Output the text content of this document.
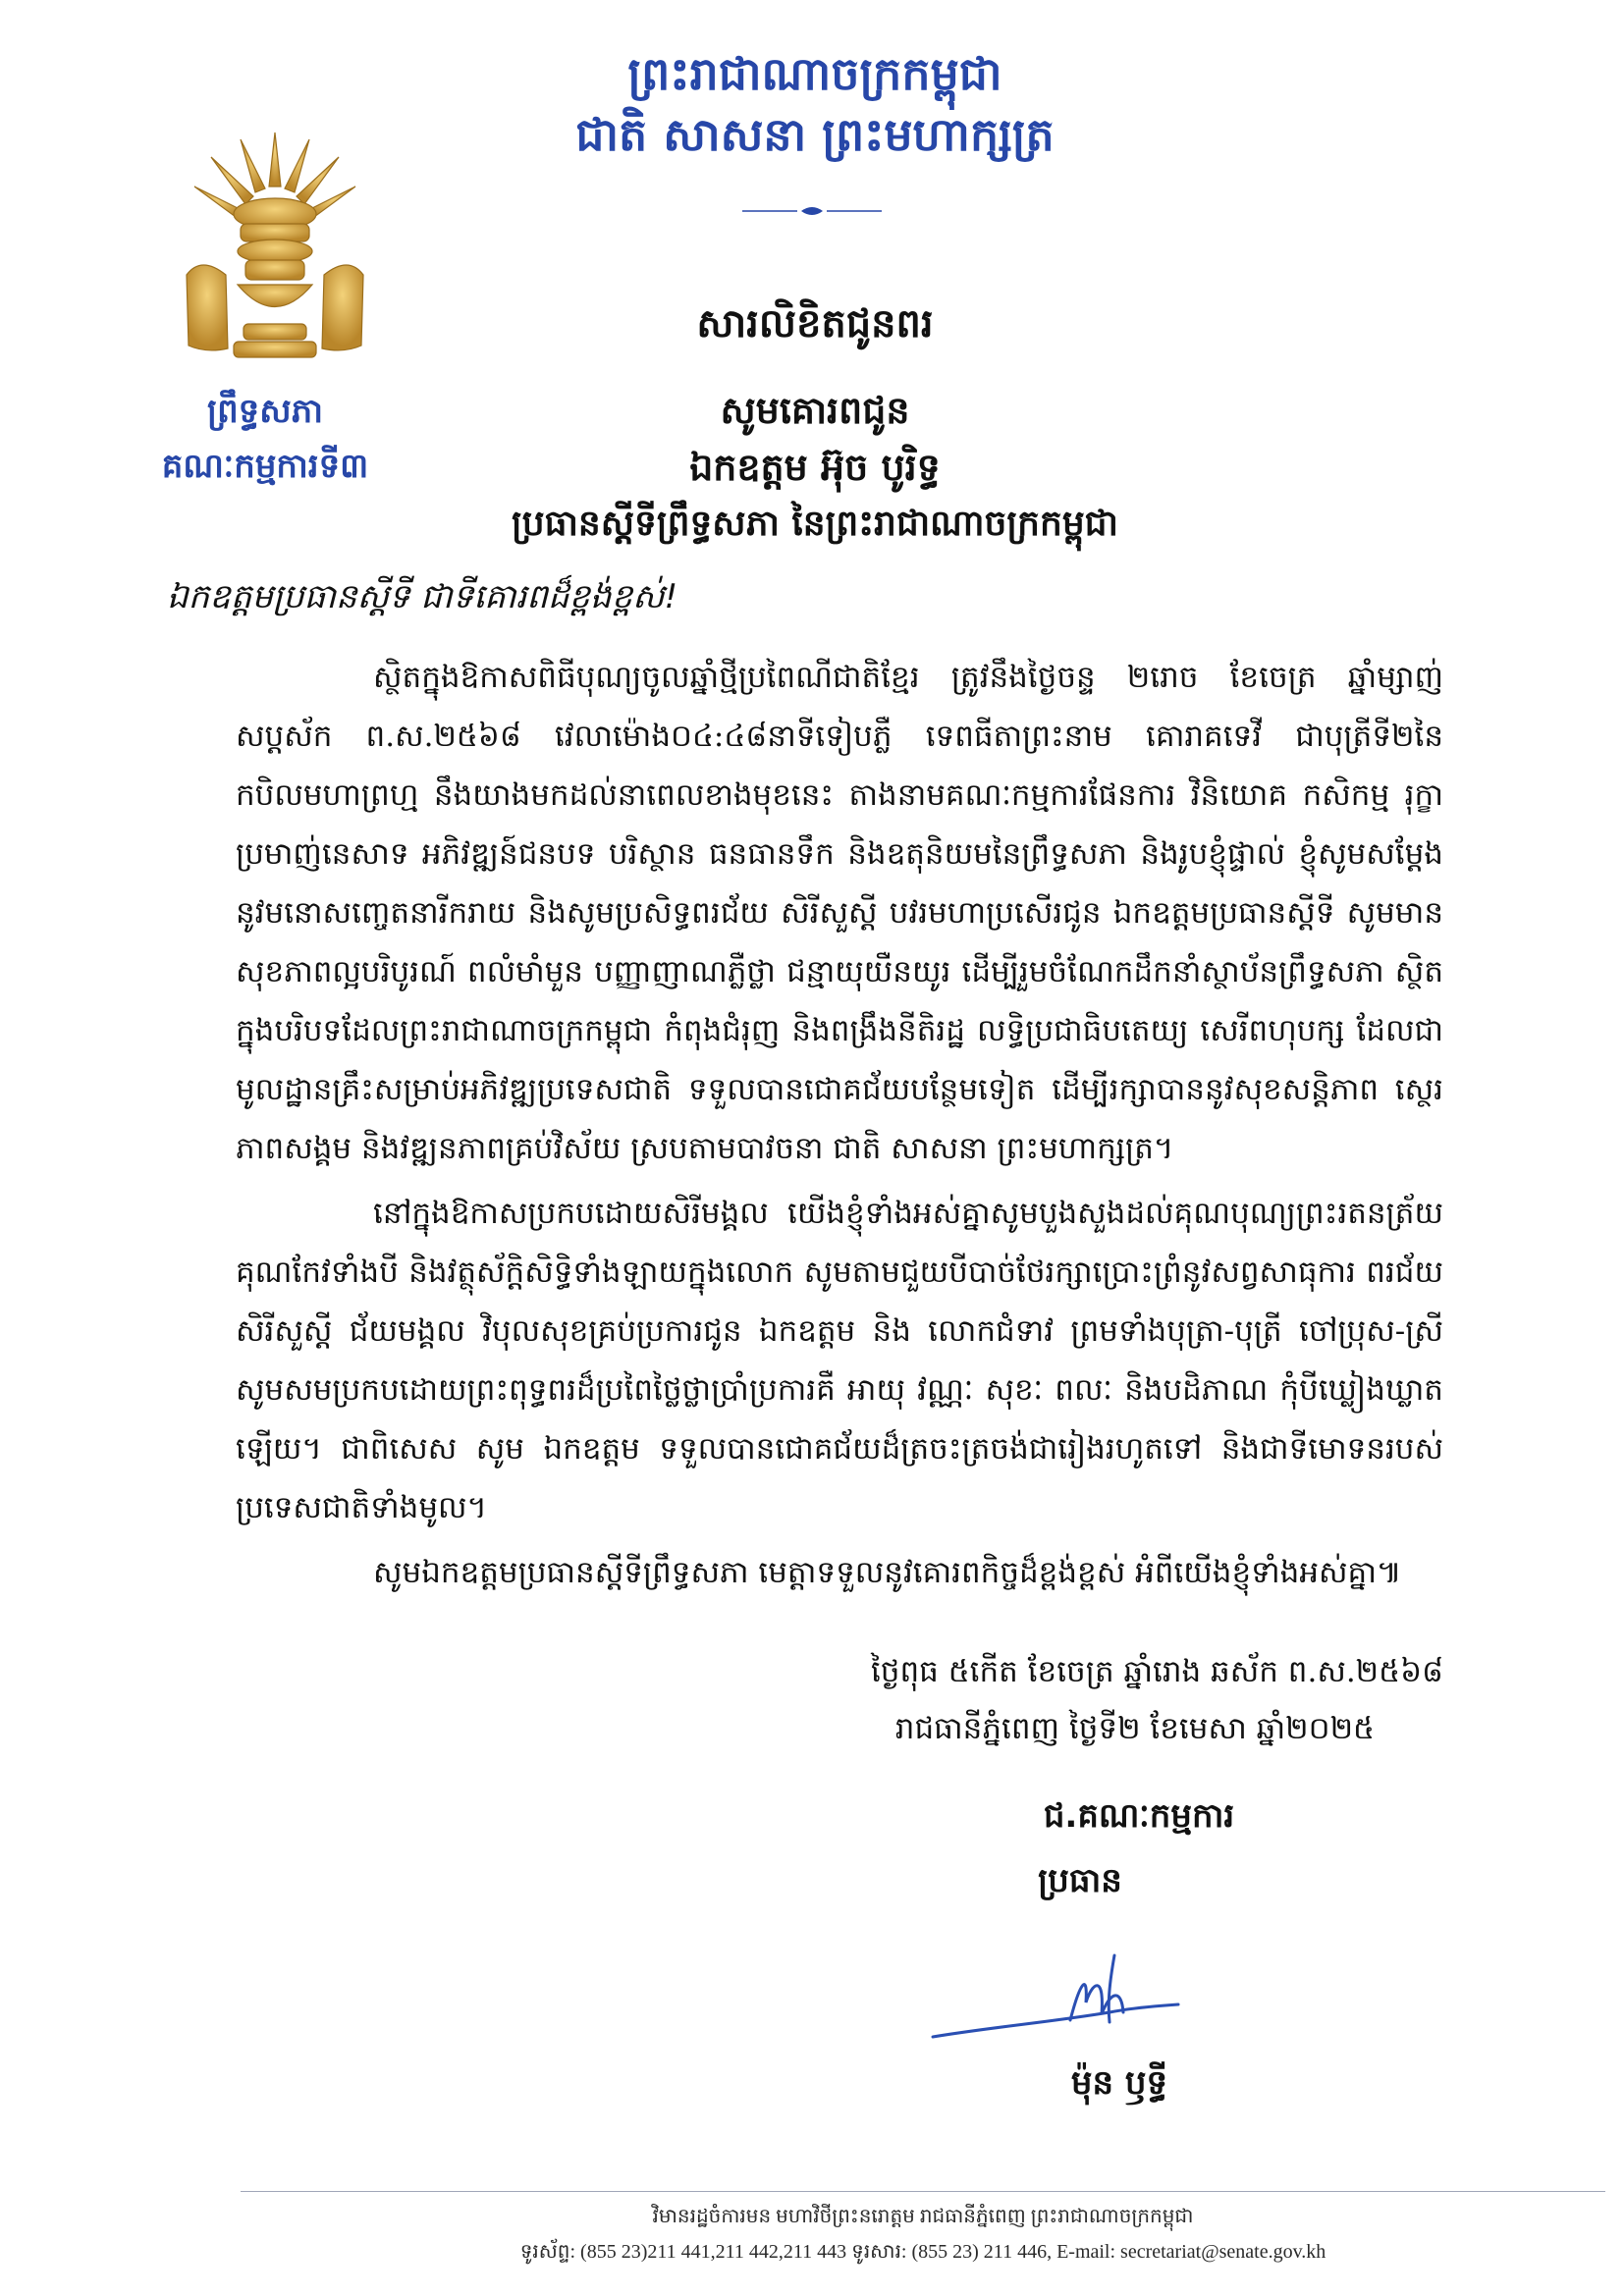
ព្រះរាជាណាចក្រកម្ពុជា
ជាតិ សាសនា ព្រះមហាក្សត្រ
ព្រឹទ្ធសភា
គណៈកម្មការទី៣
សារលិខិតជូនពរ
សូមគោរពជូន
ឯកឧត្តម អ៊ុច បូរិទ្ធ
ប្រធានស្តីទីព្រឹទ្ធសភា នៃព្រះរាជាណាចក្រកម្ពុជា
ឯកឧត្តមប្រធានស្តីទី ជាទីគោរពដ៏ខ្ពង់ខ្ពស់!

ស្ថិតក្នុងឱកាសពិធីបុណ្យចូលឆ្នាំថ្មីប្រពៃណីជាតិខ្មែរ ត្រូវនឹងថ្ងៃចន្ទ ២រោច ខែចេត្រ ឆ្នាំម្សាញ់ សប្តស័ក ព.ស.២៥៦៨ វេលាម៉ោង០៤:៤៨នាទីទៀបភ្លឺ ទេពធីតាព្រះនាម គោរាគទេវី ជាបុត្រីទី២នៃកបិលមហាព្រហ្ម នឹងយាងមកដល់នាពេលខាងមុខនេះ តាងនាមគណៈកម្មការផែនការ វិនិយោគ កសិកម្ម រុក្ខាប្រមាញ់នេសាទ អភិវឌ្ឍន៍ជនបទ បរិស្ថាន ធនធានទឹក និងឧតុនិយមនៃព្រឹទ្ធសភា និងរូបខ្ញុំផ្ទាល់ ខ្ញុំសូមសម្តែងនូវមនោសញ្ចេតនារីករាយ និងសូមប្រសិទ្ធពរជ័យ សិរីសួស្តី បវរមហាប្រសើរជូន ឯកឧត្តមប្រធានស្តីទី សូមមានសុខភាពល្អបរិបូរណ៍ ពលំមាំមួន បញ្ញាញាណភ្លឺថ្លា ជន្មាយុយឺនយូរ ដើម្បីរួមចំណែកដឹកនាំស្ថាប័នព្រឹទ្ធសភា ស្ថិតក្នុងបរិបទដែលព្រះរាជាណាចក្រកម្ពុជា កំពុងជំរុញ និងពង្រឹងនីតិរដ្ឋ លទ្ធិប្រជាធិបតេយ្យ សេរីពហុបក្ស ដែលជាមូលដ្ឋានគ្រឹះសម្រាប់អភិវឌ្ឍប្រទេសជាតិ ទទួលបានជោគជ័យបន្ថែមទៀត ដើម្បីរក្សាបាននូវសុខសន្តិភាព ស្ថេរភាពសង្គម និងវឌ្ឍនភាពគ្រប់វិស័យ ស្របតាមបាវចនា ជាតិ សាសនា ព្រះមហាក្សត្រ។

នៅក្នុងឱកាសប្រកបដោយសិរីមង្គល យើងខ្ញុំទាំងអស់គ្នាសូមបួងសួងដល់គុណបុណ្យព្រះរតនត្រ័យ គុណកែវទាំងបី និងវត្ថុស័ក្តិសិទ្ធិទាំងឡាយក្នុងលោក សូមតាមជួយបីបាច់ថែរក្សាប្រោះព្រំនូវសព្វសាធុការ ពរជ័យ សិរីសួស្តី ជ័យមង្គល វិបុលសុខគ្រប់ប្រការជូន ឯកឧត្តម និង លោកជំទាវ ព្រមទាំងបុត្រា-បុត្រី ចៅប្រុស-ស្រី សូមសមប្រកបដោយព្រះពុទ្ធពរដ៏ប្រពៃថ្លៃថ្លាប្រាំប្រការគឺ អាយុ វណ្ណៈ សុខៈ ពលៈ និងបដិភាណ កុំបីឃ្លៀងឃ្លាតឡើយ។ ជាពិសេស សូម ឯកឧត្តម ទទួលបានជោគជ័យដ៏ត្រចះត្រចង់ជារៀងរហូតទៅ និងជាទីមោទនរបស់ប្រទេសជាតិទាំងមូល។

សូមឯកឧត្តមប្រធានស្តីទីព្រឹទ្ធសភា មេត្តាទទួលនូវគោរពកិច្ចដ៏ខ្ពង់ខ្ពស់ អំពីយើងខ្ញុំទាំងអស់គ្នា៕

ថ្ងៃពុធ ៥កើត ខែចេត្រ ឆ្នាំរោង ឆស័ក ព.ស.២៥៦៨
រាជធានីភ្នំពេញ ថ្ងៃទី២ ខែមេសា ឆ្នាំ២០២៥
ជ.គណៈកម្មការ
ប្រធាន
ម៉ុន ឫទ្ធី
វិមានរដ្ឋចំការមន មហាវិថីព្រះនរោត្តម រាជធានីភ្នំពេញ ព្រះរាជាណាចក្រកម្ពុជា
ទូរស័ព្ទ: (855 23)211 441,211 442,211 443 ទូរសារ: (855 23) 211 446, E-mail: secretariat@senate.gov.kh
